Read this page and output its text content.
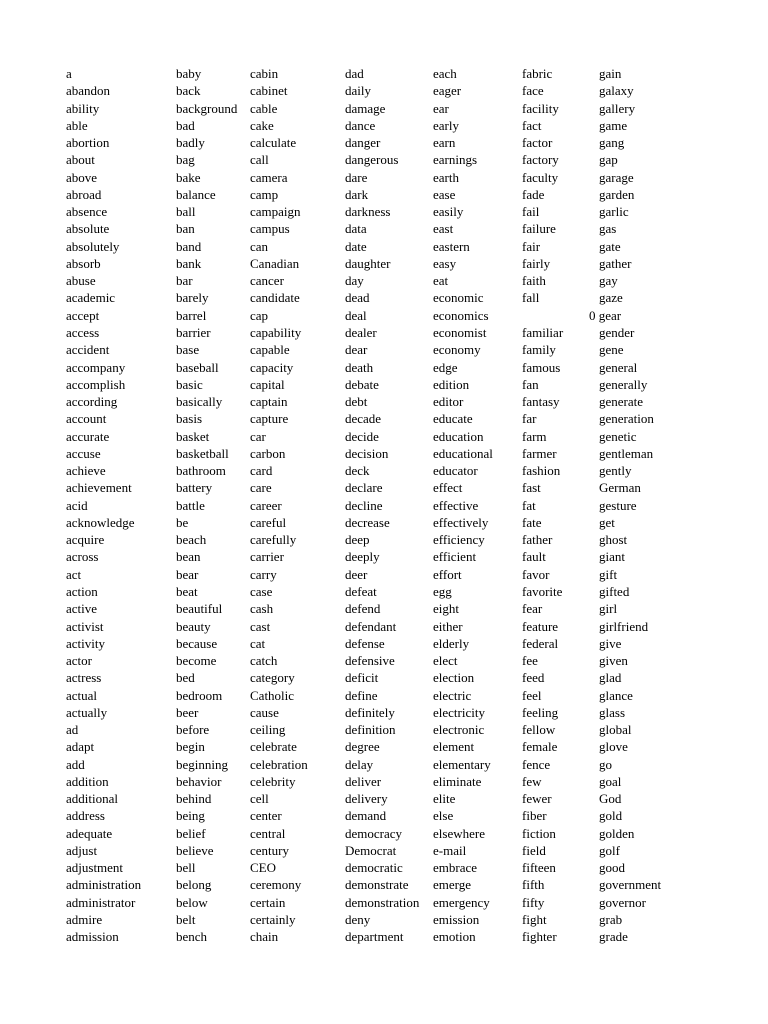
a
abandon
ability
able
abortion
about
above
abroad
absence
absolute
absolutely
absorb
abuse
academic
accept
access
accident
accompany
accomplish
according
account
accurate
accuse
achieve
achievement
acid
acknowledge
acquire
across
act
action
active
activist
activity
actor
actress
actual
actually
ad
adapt
add
addition
additional
address
adequate
adjust
adjustment
administration
administrator
admire
admission
baby
back
background
bad
badly
bag
bake
balance
ball
ban
band
bank
bar
barely
barrel
barrier
base
baseball
basic
basically
basis
basket
basketball
bathroom
battery
battle
be
beach
bean
bear
beat
beautiful
beauty
because
become
bed
bedroom
beer
before
begin
beginning
behavior
behind
being
belief
believe
bell
belong
below
belt
bench
cabin
cabinet
cable
cake
calculate
call
camera
camp
campaign
campus
can
Canadian
cancer
candidate
cap
capability
capable
capacity
capital
captain
capture
car
carbon
card
care
career
careful
carefully
carrier
carry
case
cash
cast
cat
catch
category
Catholic
cause
ceiling
celebrate
celebration
celebrity
cell
center
central
century
CEO
ceremony
certain
certainly
chain
dad
daily
damage
dance
danger
dangerous
dare
dark
darkness
data
date
daughter
day
dead
deal
dealer
dear
death
debate
debt
decade
decide
decision
deck
declare
decline
decrease
deep
deeply
deer
defeat
defend
defendant
defense
defensive
deficit
define
definitely
definition
degree
delay
deliver
delivery
demand
democracy
Democrat
democratic
demonstrate
demonstration
deny
department
each
eager
ear
early
earn
earnings
earth
ease
easily
east
eastern
easy
eat
economic
economics
economist
economy
edge
edition
editor
educate
education
educational
educator
effect
effective
effectively
efficiency
efficient
effort
egg
eight
either
elderly
elect
election
electric
electricity
electronic
element
elementary
eliminate
elite
else
elsewhere
e-mail
embrace
emerge
emergency
emission
emotion
fabric
face
facility
fact
factor
factory
faculty
fade
fail
failure
fair
fairly
faith
fall
familiar
family
famous
fan
fantasy
far
farm
farmer
fashion
fast
fat
fate
father
fault
favor
favorite
fear
feature
federal
fee
feed
feel
feeling
fellow
female
fence
few
fewer
fiber
fiction
field
fifteen
fifth
fifty
fight
fighter
gain
galaxy
gallery
game
gang
gap
garage
garden
garlic
gas
gate
gather
gay
gaze
0 gear
gender
gene
general
generally
generate
generation
genetic
gentleman
gently
German
gesture
get
ghost
giant
gift
gifted
girl
girlfriend
give
given
glad
glance
glass
global
glove
go
goal
God
gold
golden
golf
good
government
governor
grab
grade
